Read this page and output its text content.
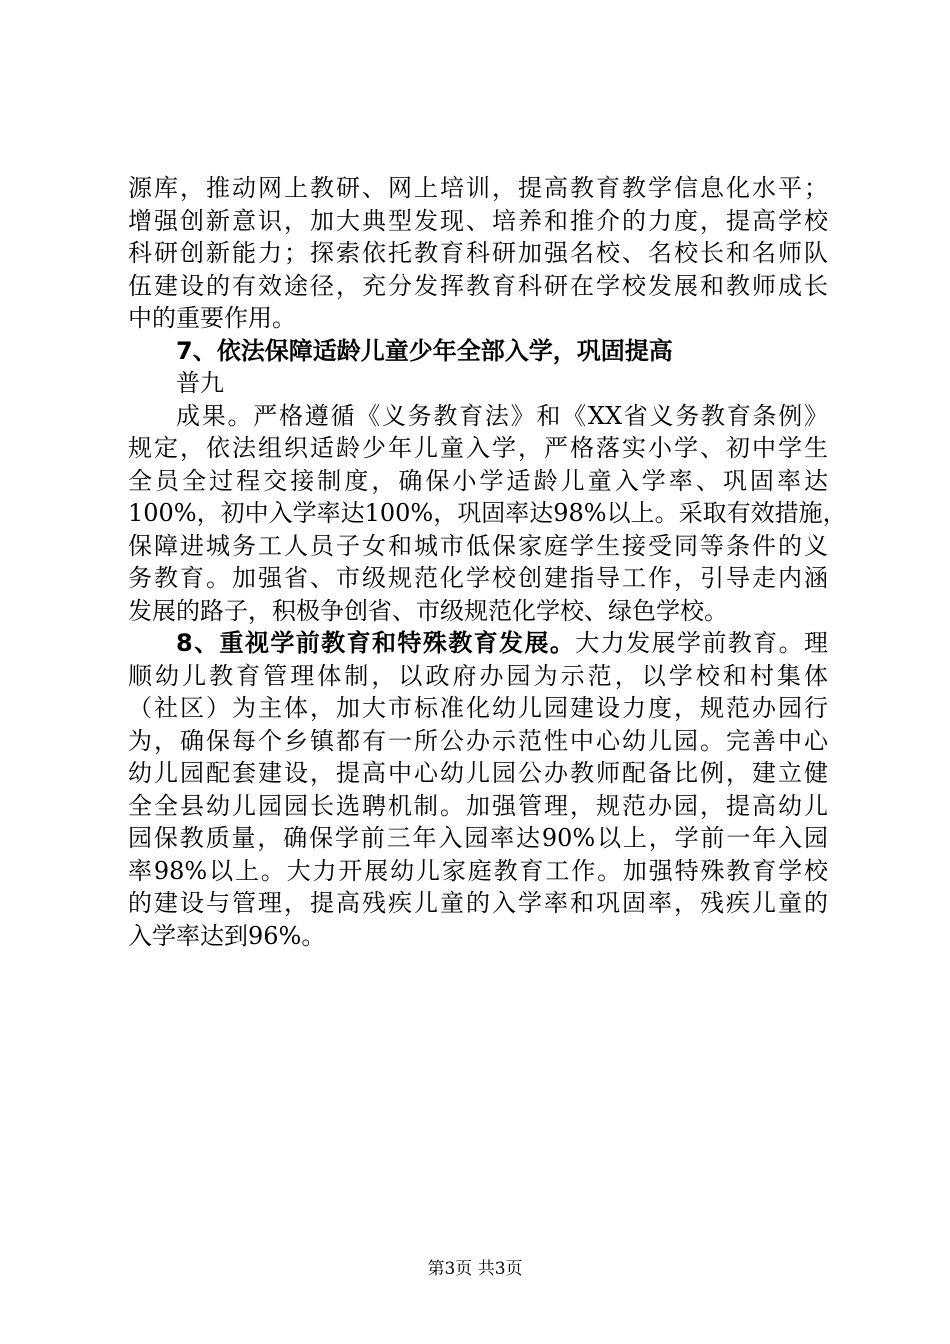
源库，推动网上教研、网上培训，提高教育教学信息化水平；
增强创新意识，加大典型发现、培养和推介的力度，提高学校
科研创新能力；探索依托教育科研加强名校、名校长和名师队
伍建设的有效途径，充分发挥教育科研在学校发展和教师成长
中的重要作用。
7、依法保障适龄儿童少年全部入学，巩固提高
普九
成果。严格遵循《义务教育法》和《XX省义务教育条例》
规定，依法组织适龄少年儿童入学，严格落实小学、初中学生
全员全过程交接制度，确保小学适龄儿童入学率、巩固率达
100%，初中入学率达100%，巩固率达98%以上。采取有效措施，
保障进城务工人员子女和城市低保家庭学生接受同等条件的义
务教育。加强省、市级规范化学校创建指导工作，引导走内涵
发展的路子，积极争创省、市级规范化学校、绿色学校。
8、重视学前教育和特殊教育发展。大力发展学前教育。理
顺幼儿教育管理体制，以政府办园为示范，以学校和村集体
（社区）为主体，加大市标准化幼儿园建设力度，规范办园行
为，确保每个乡镇都有一所公办示范性中心幼儿园。完善中心
幼儿园配套建设，提高中心幼儿园公办教师配备比例，建立健
全全县幼儿园园长选聘机制。加强管理，规范办园，提高幼儿
园保教质量，确保学前三年入园率达90%以上，学前一年入园
率98%以上。大力开展幼儿家庭教育工作。加强特殊教育学校
的建设与管理，提高残疾儿童的入学率和巩固率，残疾儿童的
入学率达到96%。
第3页 共3页
